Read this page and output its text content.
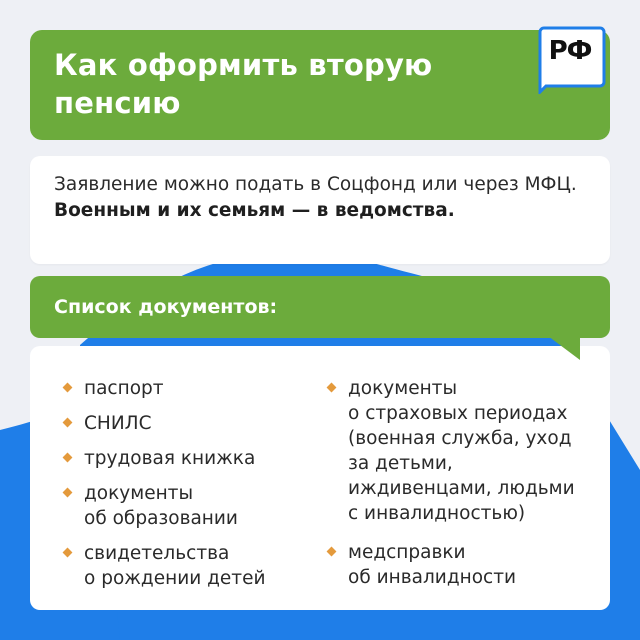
Как оформить вторую
пенсию
РФ
Заявление можно подать в Соцфонд или через МФЦ. Военным и их семьям — в ведомства.
Список документов:
паспорт
СНИЛС
трудовая книжка
документы
об образовании
свидетельства
о рождении детей
документы
о страховых периодах
(военная служба, уход
за детьми,
иждивенцами, людьми
с инвалидностью)
медсправки
об инвалидности
